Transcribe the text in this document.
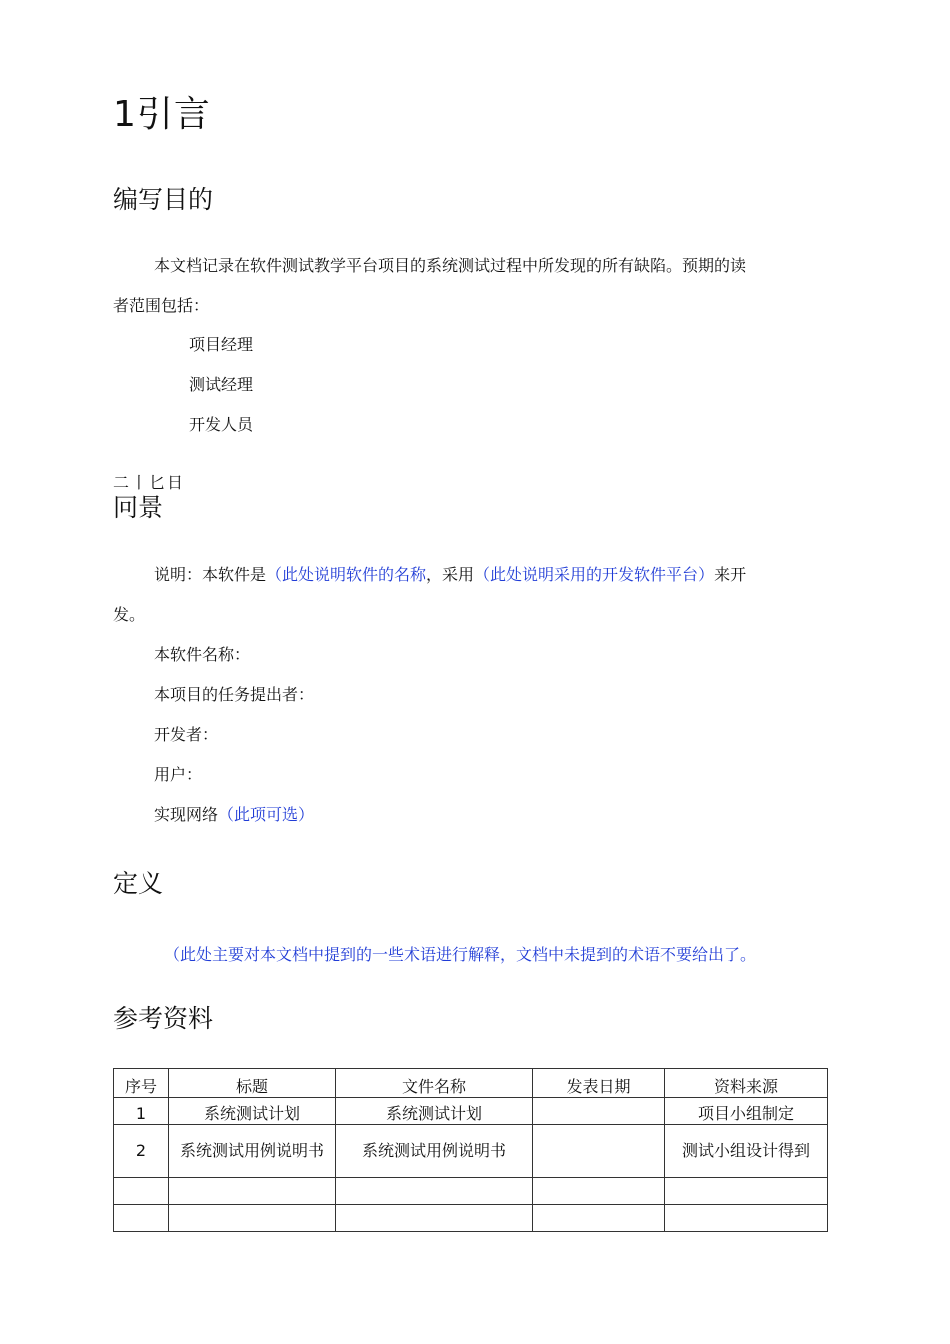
1引言
编写目的
本文档记录在软件测试教学平台项目的系统测试过程中所发现的所有缺陷。预期的读
者范围包括：
项目经理
测试经理
开发人员
二丨匕日
冋景
说明：本软件是（此处说明软件的名称，采用（此处说明采用的开发软件平台）来开
发。
本软件名称：
本项目的任务提出者：
开发者：
用户：
实现网络（此项可选）
定义
（此处主要对本文档中提到的一些术语进行解释，文档中未提到的术语不要给出了。
参考资料
序号	标题	文件名称	发表日期	资料来源
1	系统测试计划	系统测试计划		项目小组制定
2	系统测试用例说明书	系统测试用例说明书		测试小组设计得到
